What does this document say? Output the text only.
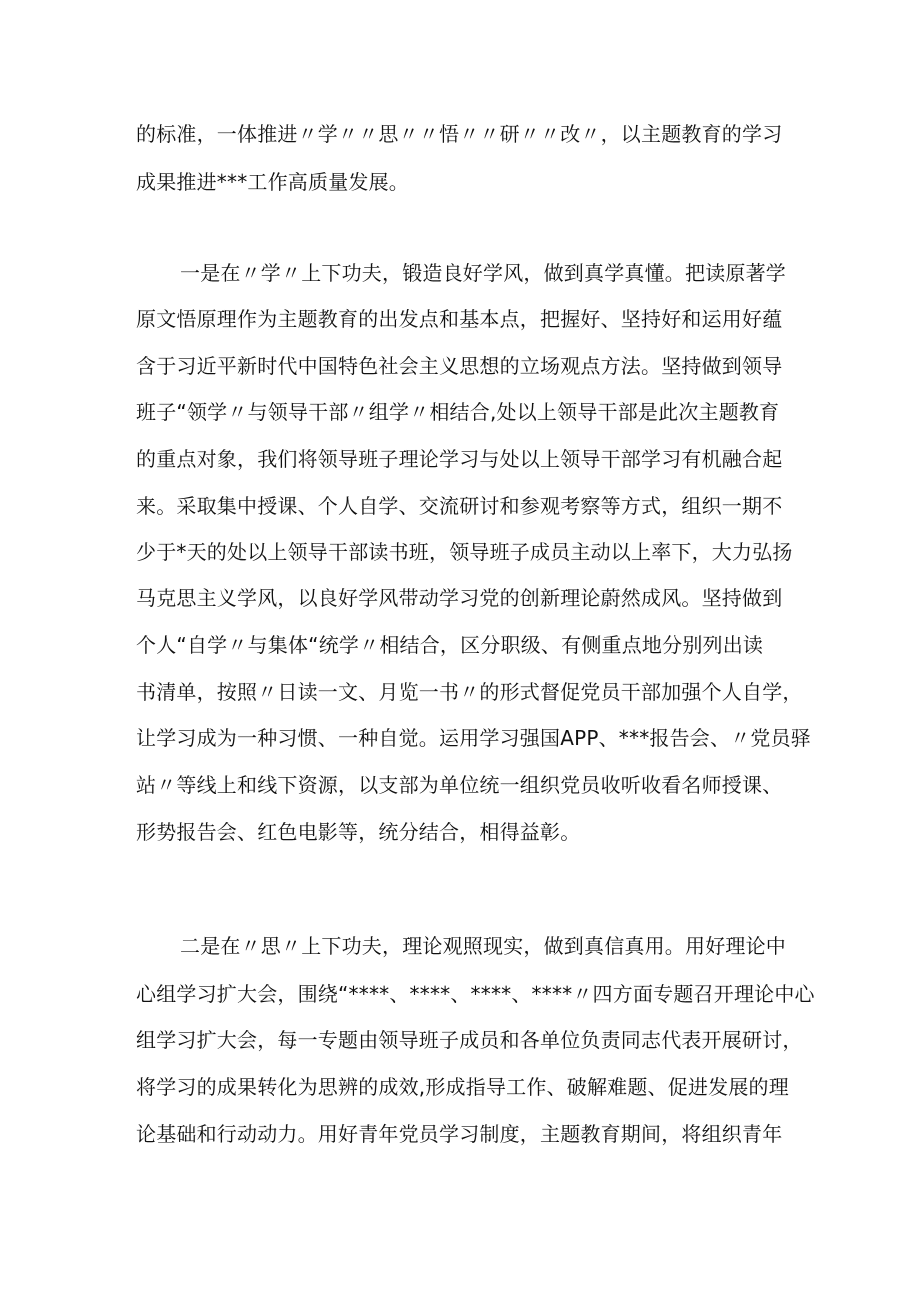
的标准，一体推进〃学〃〃思〃〃悟〃〃研〃〃改〃，以主题教育的学习
成果推进***工作高质量发展。
一是在〃学〃上下功夫，锻造良好学风，做到真学真懂。把读原著学
原文悟原理作为主题教育的出发点和基本点，把握好、坚持好和运用好蕴
含于习近平新时代中国特色社会主义思想的立场观点方法。坚持做到领导
班子“领学〃与领导干部〃组学〃相结合,处以上领导干部是此次主题教育
的重点对象，我们将领导班子理论学习与处以上领导干部学习有机融合起
来。采取集中授课、个人自学、交流研讨和参观考察等方式，组织一期不
少于*天的处以上领导干部读书班，领导班子成员主动以上率下，大力弘扬
马克思主义学风，以良好学风带动学习党的创新理论蔚然成风。坚持做到
个人“自学〃与集体“统学〃相结合，区分职级、有侧重点地分别列出读
书清单，按照〃日读一文、月览一书〃的形式督促党员干部加强个人自学，
让学习成为一种习惯、一种自觉。运用学习强国APP、***报告会、〃党员驿
站〃等线上和线下资源，以支部为单位统一组织党员收听收看名师授课、
形势报告会、红色电影等，统分结合，相得益彰。
二是在〃思〃上下功夫，理论观照现实，做到真信真用。用好理论中
心组学习扩大会，围绕“****、****、****、****〃四方面专题召开理论中心
组学习扩大会，每一专题由领导班子成员和各单位负责同志代表开展研讨，
将学习的成果转化为思辨的成效,形成指导工作、破解难题、促进发展的理
论基础和行动动力。用好青年党员学习制度，主题教育期间，将组织青年
